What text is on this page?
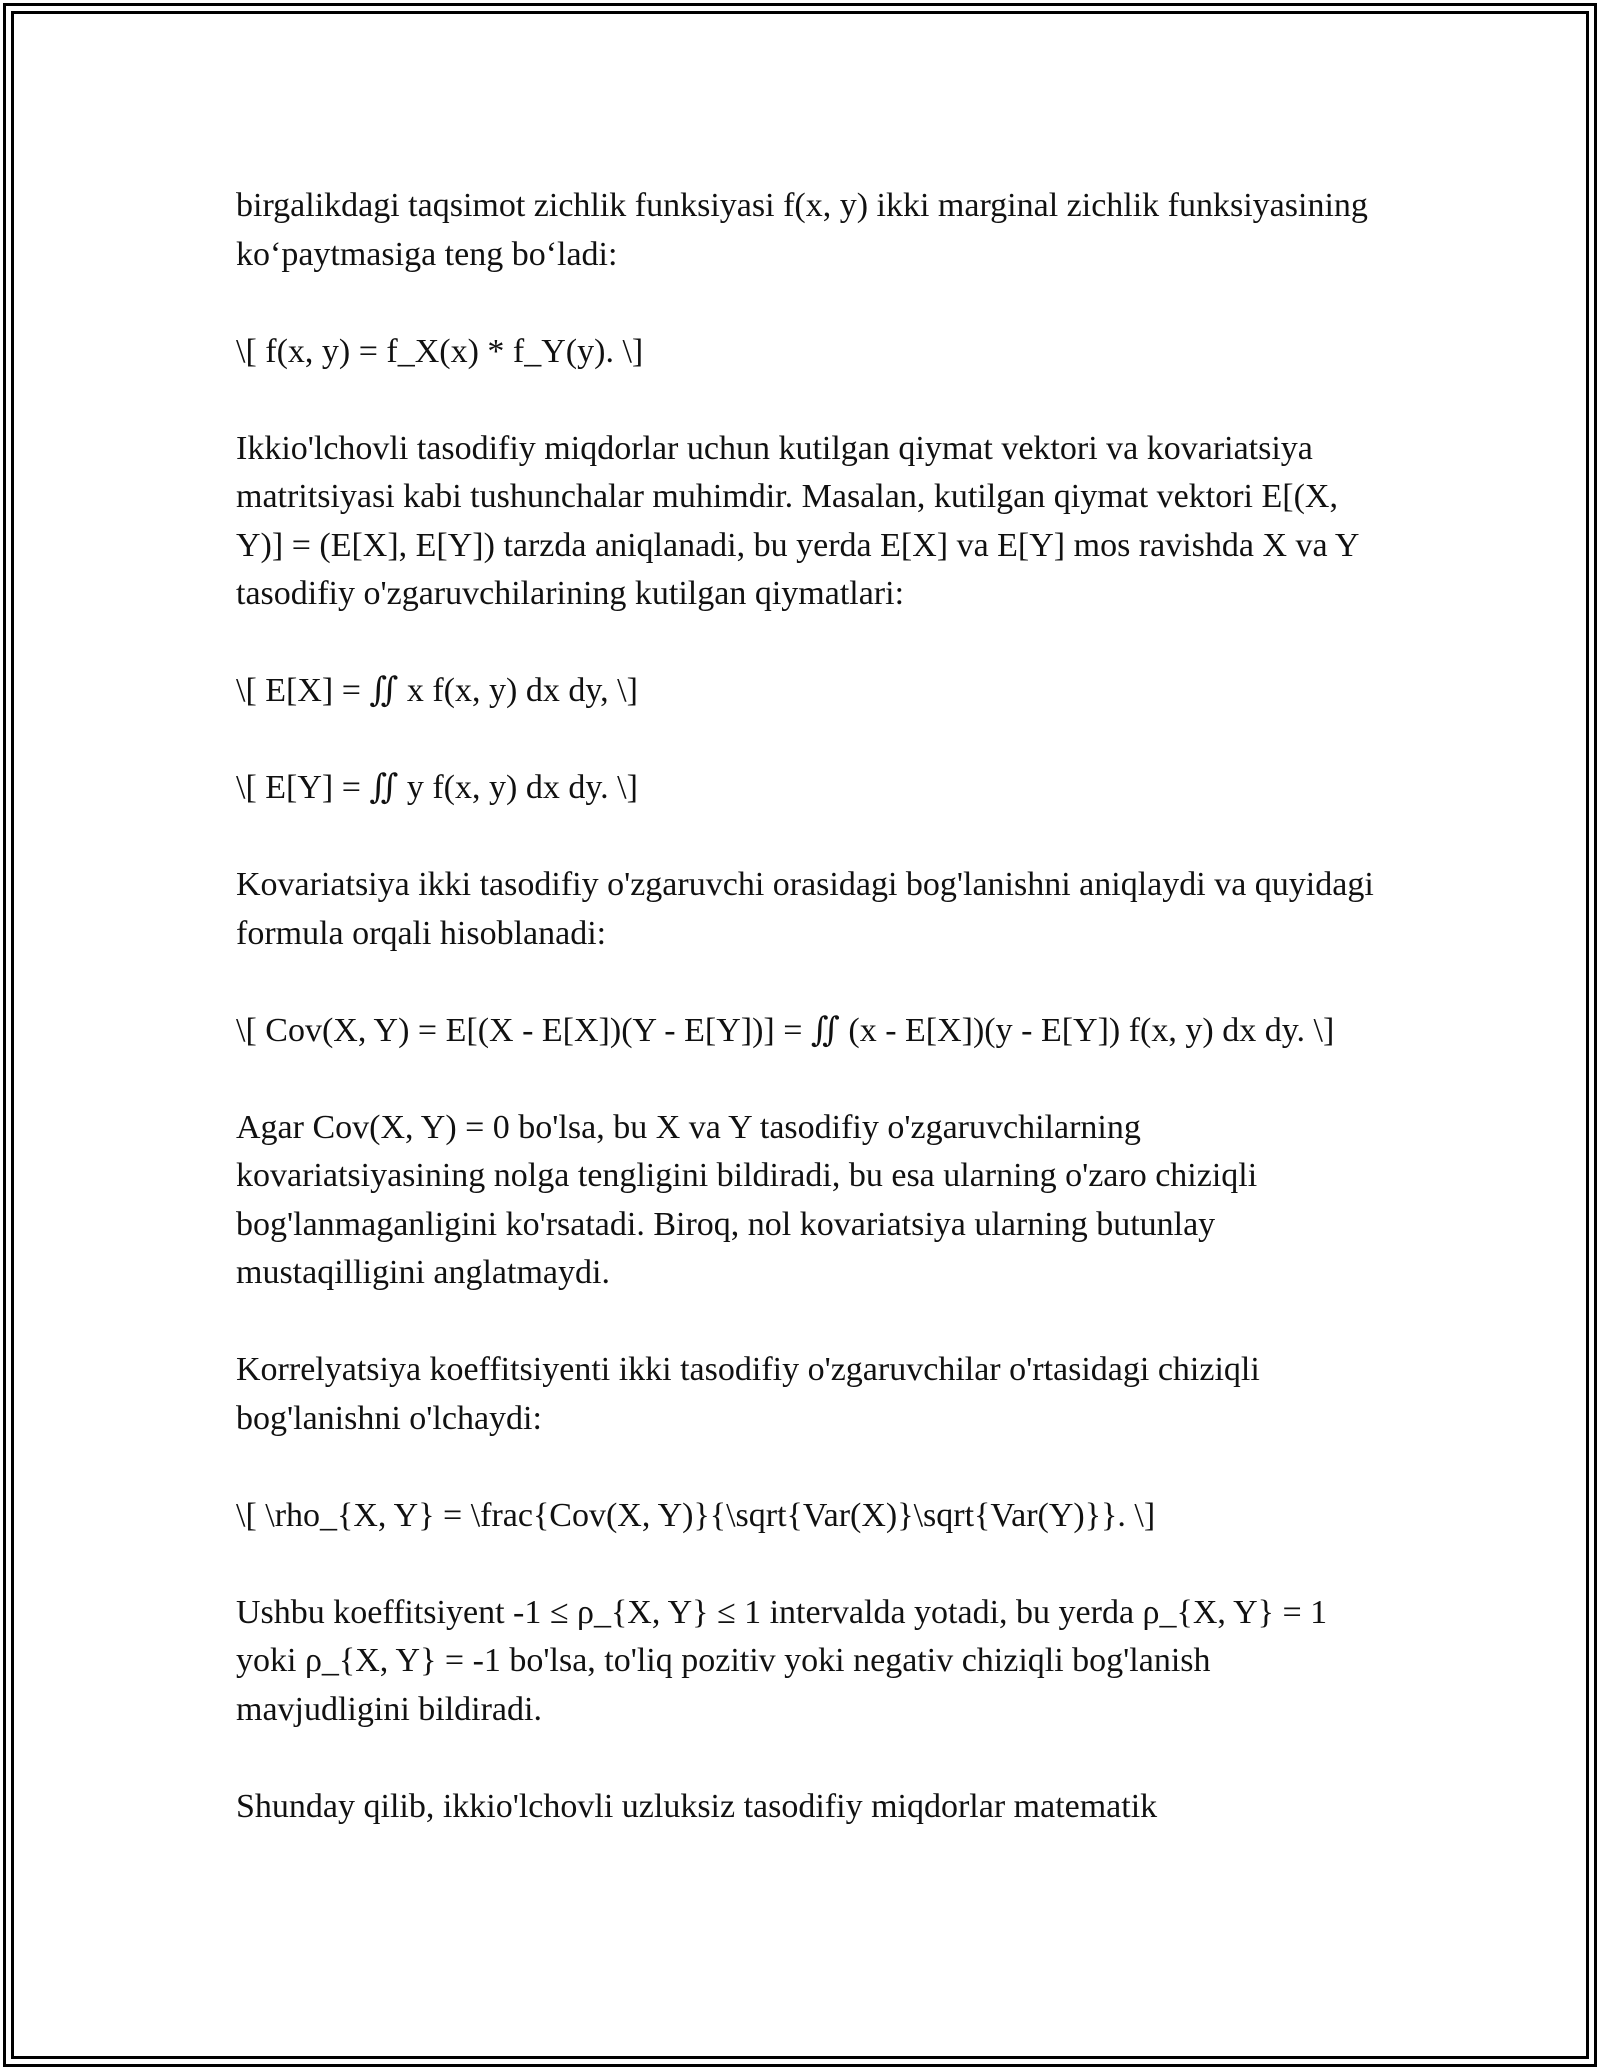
birgalikdagi taqsimot zichlik funksiyasi f(x, y) ikki marginal zichlik funksiyasining ko‘paytmasiga teng bo‘ladi:

\[ f(x, y) = f_X(x) * f_Y(y). \]

Ikkio'lchovli tasodifiy miqdorlar uchun kutilgan qiymat vektori va kovariatsiya matritsiyasi kabi tushunchalar muhimdir. Masalan, kutilgan qiymat vektori E[(X, Y)] = (E[X], E[Y]) tarzda aniqlanadi, bu yerda E[X] va E[Y] mos ravishda X va Y tasodifiy o'zgaruvchilarining kutilgan qiymatlari:

\[ E[X] = ∬ x f(x, y) dx dy, \]

\[ E[Y] = ∬ y f(x, y) dx dy. \]

Kovariatsiya ikki tasodifiy o'zgaruvchi orasidagi bog'lanishni aniqlaydi va quyidagi formula orqali hisoblanadi:

\[ Cov(X, Y) = E[(X - E[X])(Y - E[Y])] = ∬ (x - E[X])(y - E[Y]) f(x, y) dx dy. \]

Agar Cov(X, Y) = 0 bo'lsa, bu X va Y tasodifiy o'zgaruvchilarning kovariatsiyasining nolga tengligini bildiradi, bu esa ularning o'zaro chiziqli bog'lanmaganligini ko'rsatadi. Biroq, nol kovariatsiya ularning butunlay mustaqilligini anglatmaydi.

Korrelyatsiya koeffitsiyenti ikki tasodifiy o'zgaruvchilar o'rtasidagi chiziqli bog'lanishni o'lchaydi:

\[ \rho_{X, Y} = \frac{Cov(X, Y)}{\sqrt{Var(X)}\sqrt{Var(Y)}}. \]

Ushbu koeffitsiyent -1 ≤ ρ_{X, Y} ≤ 1 intervalda yotadi, bu yerda ρ_{X, Y} = 1 yoki ρ_{X, Y} = -1 bo'lsa, to'liq pozitiv yoki negativ chiziqli bog'lanish mavjudligini bildiradi.

Shunday qilib, ikkio'lchovli uzluksiz tasodifiy miqdorlar matematik
